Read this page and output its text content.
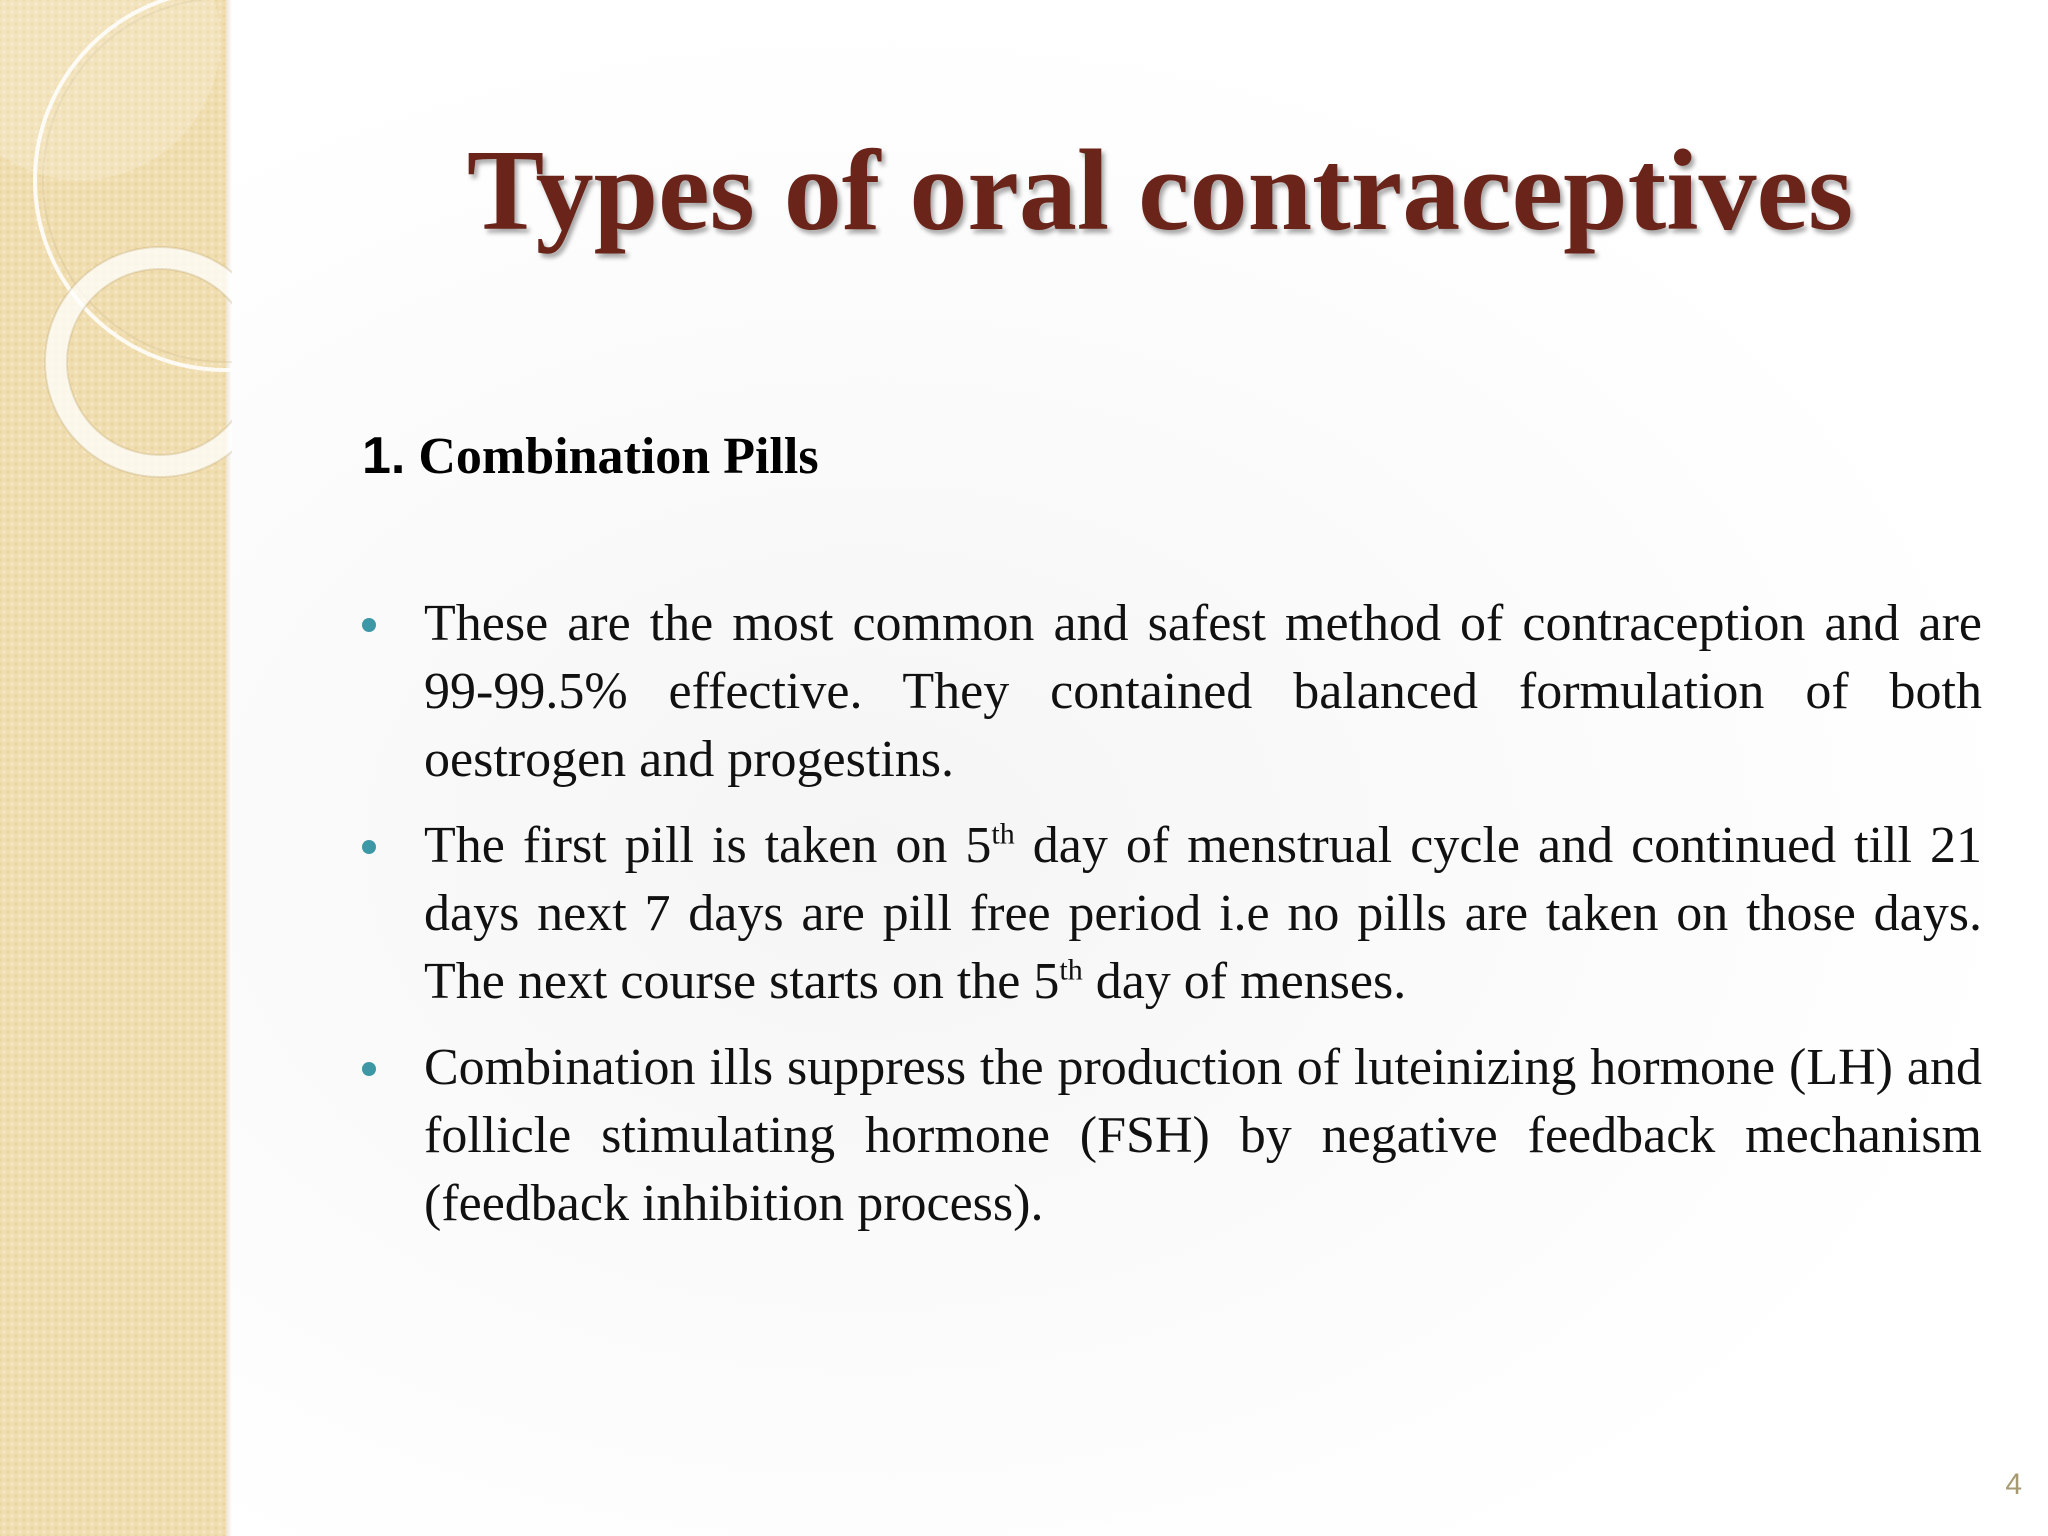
Types of oral contraceptives
1. Combination Pills
These are the most common and safest method of contraception and are 99-99.5% effective. They contained balanced formulation of both oestrogen and progestins.
The first pill is taken on 5th day of menstrual cycle and continued till 21 days next 7 days are pill free period i.e no pills are taken on those days. The next course starts on the 5th day of menses.
Combination ills suppress the production of luteinizing hormone (LH) and follicle stimulating hormone (FSH) by negative feedback mechanism (feedback inhibition process).
4
